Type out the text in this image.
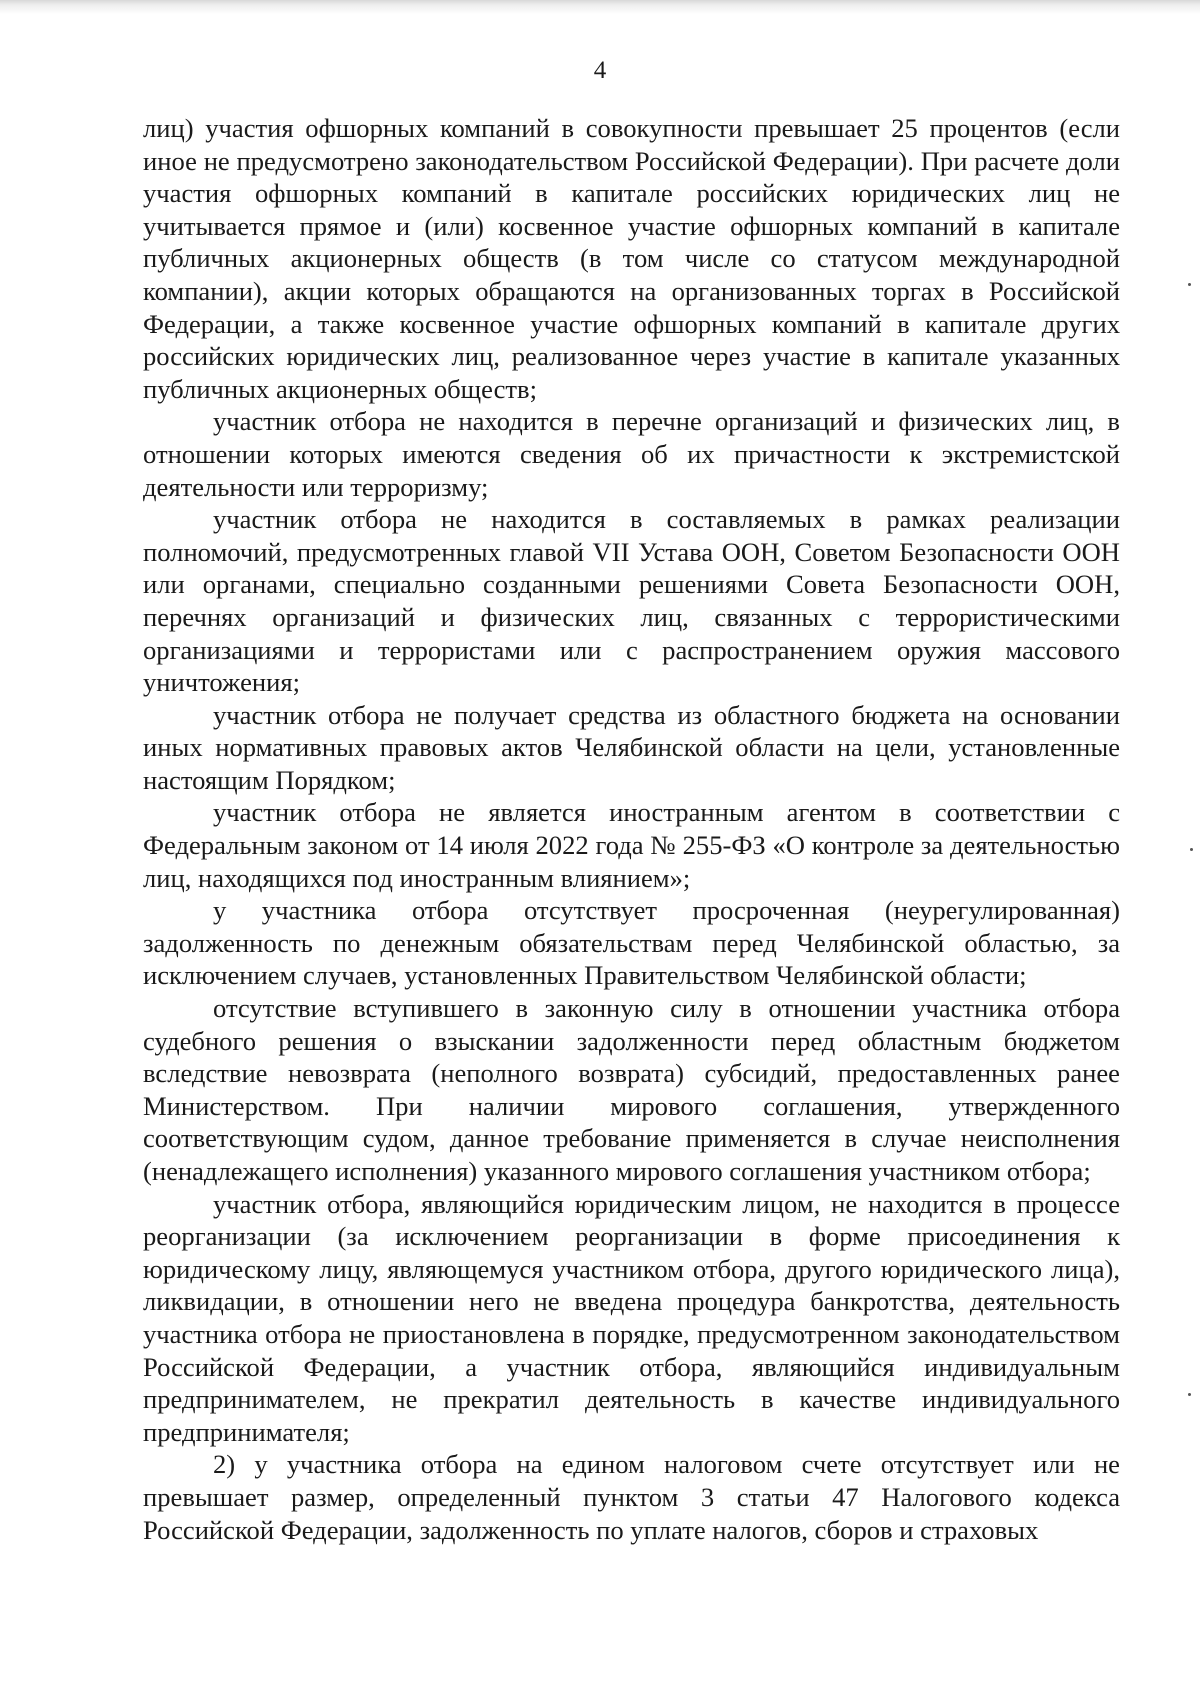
4

лиц) участия офшорных компаний в совокупности превышает 25 процентов (если иное не предусмотрено законодательством Российской Федерации). При расчете доли участия офшорных компаний в капитале российских юридических лиц не учитывается прямое и (или) косвенное участие офшорных компаний в капитале публичных акционерных обществ (в том числе со статусом международной компании), акции которых обращаются на организованных торгах в Российской Федерации, а также косвенное участие офшорных компаний в капитале других российских юридических лиц, реализованное через участие в капитале указанных публичных акционерных обществ;

участник отбора не находится в перечне организаций и физических лиц, в отношении которых имеются сведения об их причастности к экстремистской деятельности или терроризму;

участник отбора не находится в составляемых в рамках реализации полномочий, предусмотренных главой VII Устава ООН, Советом Безопасности ООН или органами, специально созданными решениями Совета Безопасности ООН, перечнях организаций и физических лиц, связанных с террористическими организациями и террористами или с распространением оружия массового уничтожения;

участник отбора не получает средства из областного бюджета на основании иных нормативных правовых актов Челябинской области на цели, установленные настоящим Порядком;

участник отбора не является иностранным агентом в соответствии с Федеральным законом от 14 июля 2022 года № 255-ФЗ «О контроле за деятельностью лиц, находящихся под иностранным влиянием»;

у участника отбора отсутствует просроченная (неурегулированная) задолженность по денежным обязательствам перед Челябинской областью, за исключением случаев, установленных Правительством Челябинской области;

отсутствие вступившего в законную силу в отношении участника отбора судебного решения о взыскании задолженности перед областным бюджетом вследствие невозврата (неполного возврата) субсидий, предоставленных ранее Министерством. При наличии мирового соглашения, утвержденного соответствующим судом, данное требование применяется в случае неисполнения (ненадлежащего исполнения) указанного мирового соглашения участником отбора;

участник отбора, являющийся юридическим лицом, не находится в процессе реорганизации (за исключением реорганизации в форме присоединения к юридическому лицу, являющемуся участником отбора, другого юридического лица), ликвидации, в отношении него не введена процедура банкротства, деятельность участника отбора не приостановлена в порядке, предусмотренном законодательством Российской Федерации, а участник отбора, являющийся индивидуальным предпринимателем, не прекратил деятельность в качестве индивидуального предпринимателя;

2) у участника отбора на едином налоговом счете отсутствует или не превышает размер, определенный пунктом 3 статьи 47 Налогового кодекса Российской Федерации, задолженность по уплате налогов, сборов и страховых
